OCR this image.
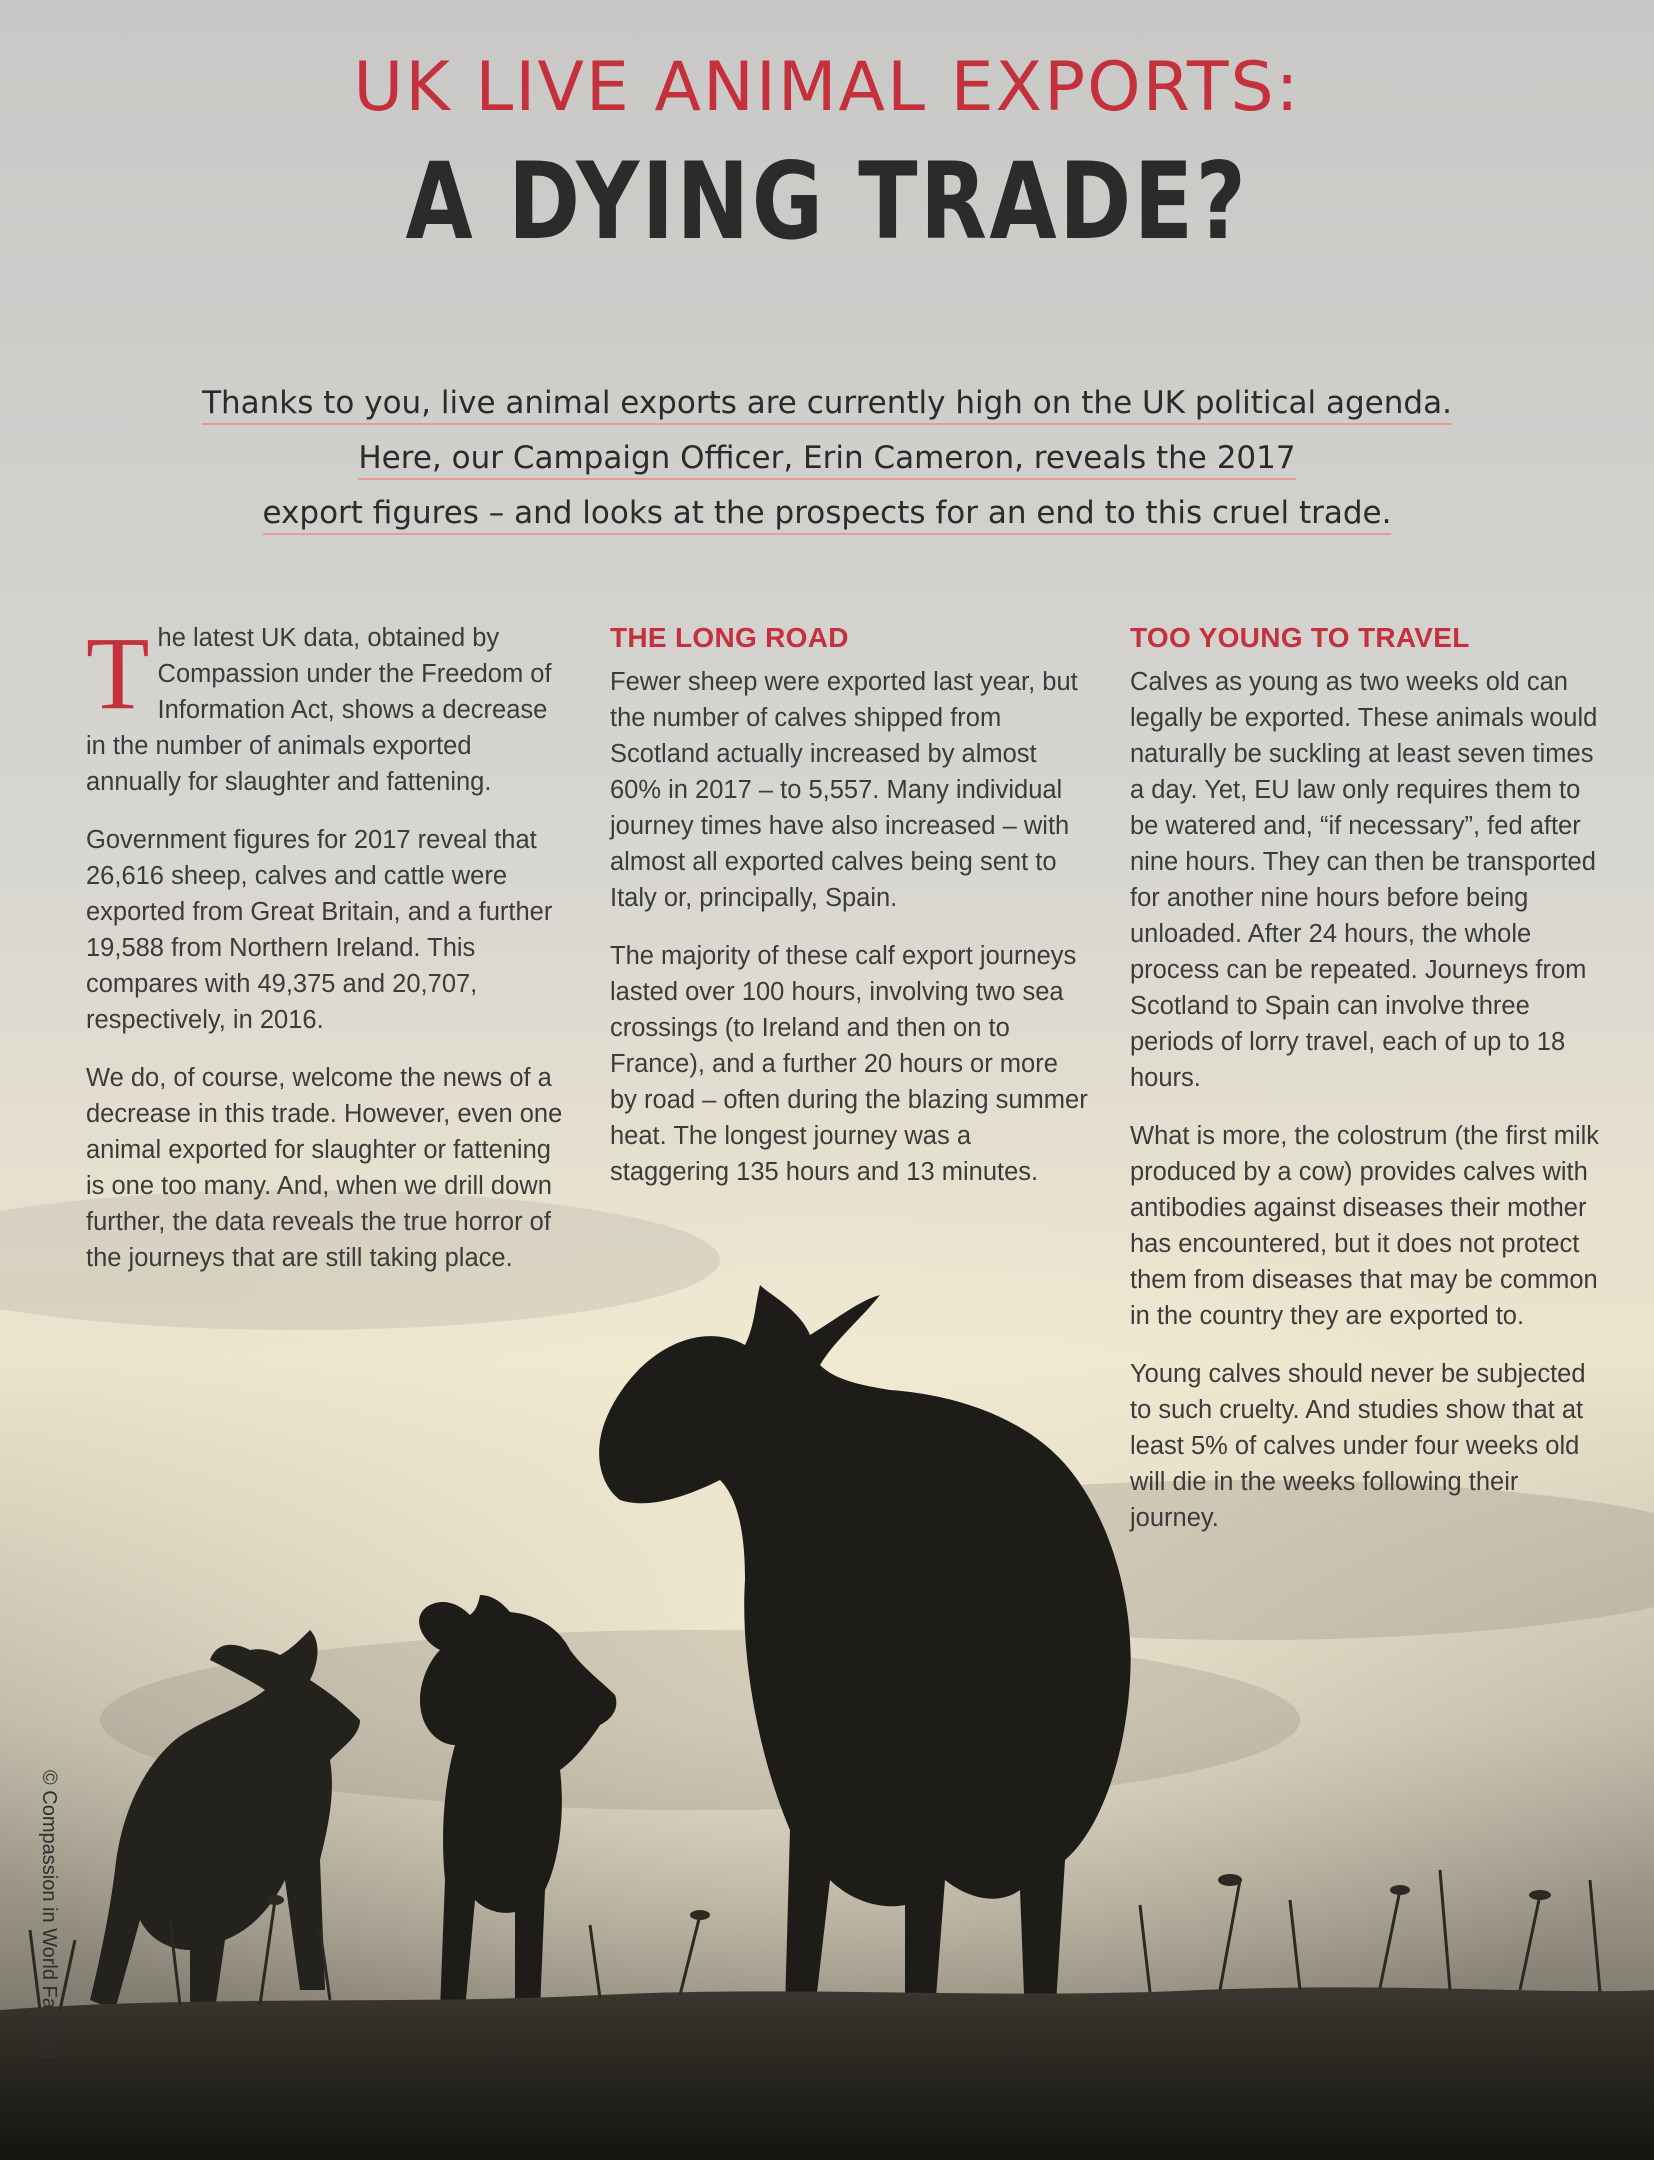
UK LIVE ANIMAL EXPORTS:
A DYING TRADE?
Thanks to you, live animal exports are currently high on the UK political agenda.
Here, our Campaign Officer, Erin Cameron, reveals the 2017
export figures – and looks at the prospects for an end to this cruel trade.

The latest UK data, obtained by Compassion under the Freedom of Information Act, shows a decrease in the number of animals exported annually for slaughter and fattening.

Government figures for 2017 reveal that 26,616 sheep, calves and cattle were exported from Great Britain, and a further 19,588 from Northern Ireland. This compares with 49,375 and 20,707, respectively, in 2016.

We do, of course, welcome the news of a decrease in this trade. However, even one animal exported for slaughter or fattening is one too many. And, when we drill down further, the data reveals the true horror of the journeys that are still taking place.

THE LONG ROAD

Fewer sheep were exported last year, but the number of calves shipped from Scotland actually increased by almost 60% in 2017 – to 5,557. Many individual journey times have also increased – with almost all exported calves being sent to Italy or, principally, Spain.

The majority of these calf export journeys lasted over 100 hours, involving two sea crossings (to Ireland and then on to France), and a further 20 hours or more by road – often during the blazing summer heat. The longest journey was a staggering 135 hours and 13 minutes.

TOO YOUNG TO TRAVEL

Calves as young as two weeks old can legally be exported. These animals would naturally be suckling at least seven times a day. Yet, EU law only requires them to be watered and, “if necessary”, fed after nine hours. They can then be transported for another nine hours before being unloaded. After 24 hours, the whole process can be repeated. Journeys from Scotland to Spain can involve three periods of lorry travel, each of up to 18 hours.

What is more, the colostrum (the first milk produced by a cow) provides calves with antibodies against diseases their mother has encountered, but it does not protect them from diseases that may be common in the country they are exported to.

Young calves should never be subjected to such cruelty. And studies show that at least 5% of calves under four weeks old will die in the weeks following their journey.

© Compassion in World Farming
